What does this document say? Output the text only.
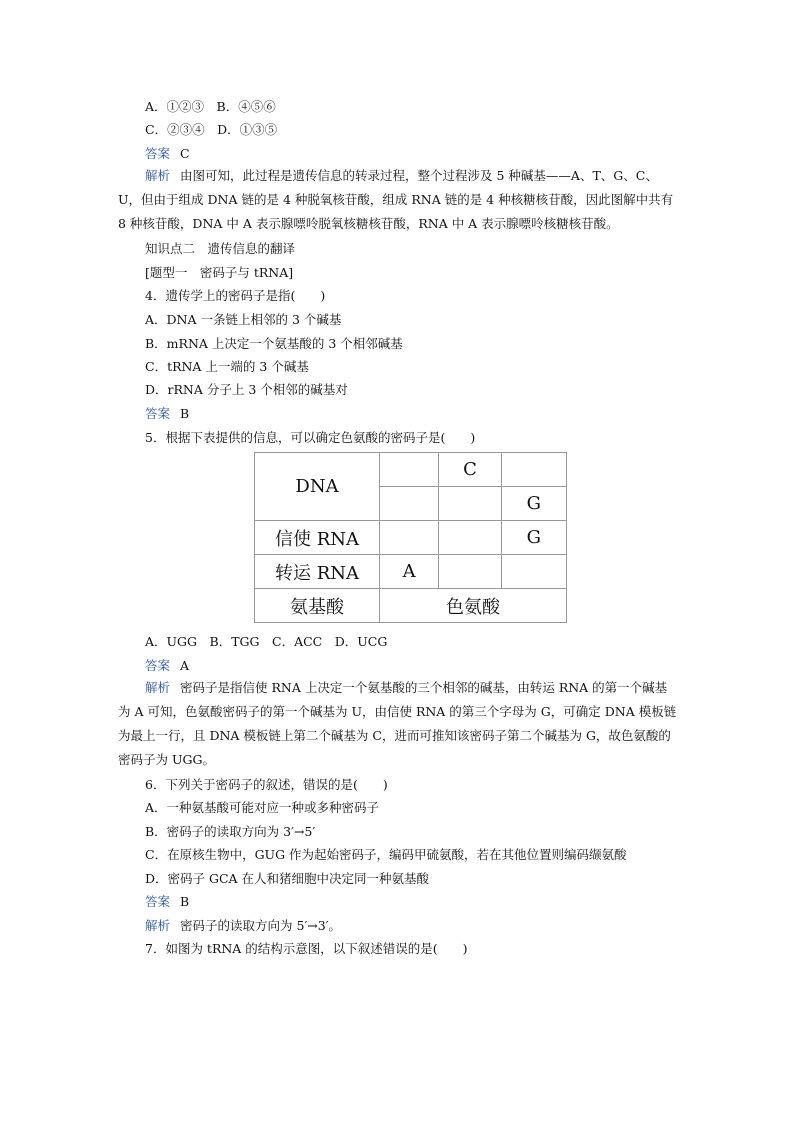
A．①②③　B．④⑤⑥
C．②③④　D．①③⑤
答案 C
解析 由图可知，此过程是遗传信息的转录过程，整个过程涉及 5 种碱基——A、T、G、C、U，但由于组成 DNA 链的是 4 种脱氧核苷酸，组成 RNA 链的是 4 种核糖核苷酸，因此图解中共有 8 种核苷酸，DNA 中 A 表示腺嘌呤脱氧核糖核苷酸，RNA 中 A 表示腺嘌呤核糖核苷酸。
知识点二　遗传信息的翻译
[题型一　密码子与 tRNA]
4．遗传学上的密码子是指(　　)
A．DNA 一条链上相邻的 3 个碱基
B．mRNA 上决定一个氨基酸的 3 个相邻碱基
C．tRNA 上一端的 3 个碱基
D．rRNA 分子上 3 个相邻的碱基对
答案 B
5．根据下表提供的信息，可以确定色氨酸的密码子是(　　)
DNA		C	
			G
信使 RNA			G
转运 RNA	A		
氨基酸	色氨酸		
A．UGG　B．TGG　C．ACC　D．UCG
答案 A
解析 密码子是指信使 RNA 上决定一个氨基酸的三个相邻的碱基，由转运 RNA 的第一个碱基为 A 可知，色氨酸密码子的第一个碱基为 U，由信使 RNA 的第三个字母为 G，可确定 DNA 模板链为最上一行，且 DNA 模板链上第二个碱基为 C，进而可推知该密码子第二个碱基为 G，故色氨酸的密码子为 UGG。
6．下列关于密码子的叙述，错误的是(　　)
A．一种氨基酸可能对应一种或多种密码子
B．密码子的读取方向为 3′→5′
C．在原核生物中，GUG 作为起始密码子，编码甲硫氨酸，若在其他位置则编码缬氨酸
D．密码子 GCA 在人和猪细胞中决定同一种氨基酸
答案 B
解析 密码子的读取方向为 5′→3′。
7．如图为 tRNA 的结构示意图，以下叙述错误的是(　　)
